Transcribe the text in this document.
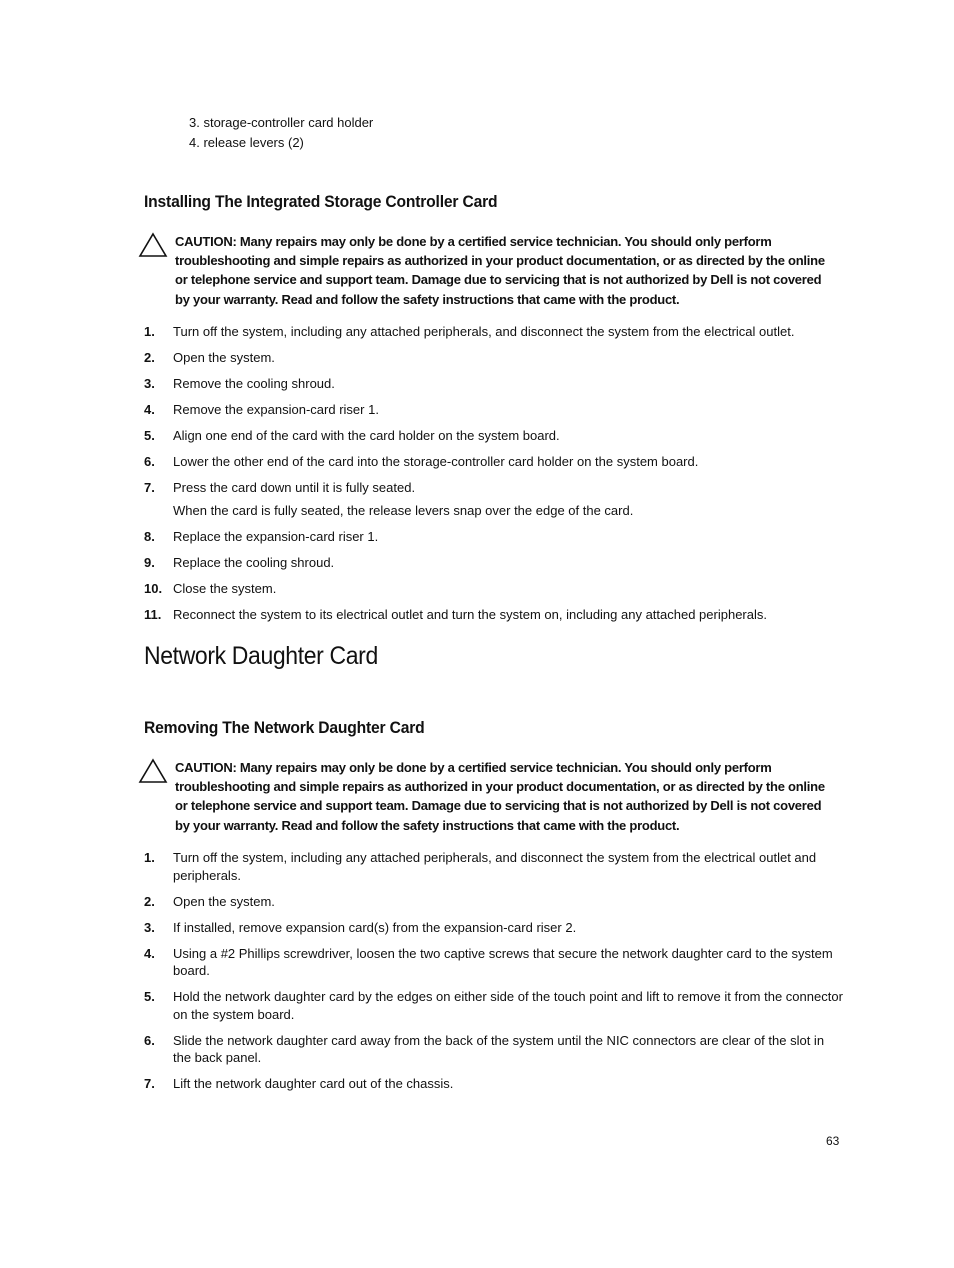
3. storage-controller card holder
4. release levers (2)
Installing The Integrated Storage Controller Card

CAUTION: Many repairs may only be done by a certified service technician. You should only perform troubleshooting and simple repairs as authorized in your product documentation, or as directed by the online or telephone service and support team. Damage due to servicing that is not authorized by Dell is not covered by your warranty. Read and follow the safety instructions that came with the product.

1. Turn off the system, including any attached peripherals, and disconnect the system from the electrical outlet.
2. Open the system.
3. Remove the cooling shroud.
4. Remove the expansion-card riser 1.
5. Align one end of the card with the card holder on the system board.
6. Lower the other end of the card into the storage-controller card holder on the system board.
7. Press the card down until it is fully seated.
When the card is fully seated, the release levers snap over the edge of the card.
8. Replace the expansion-card riser 1.
9. Replace the cooling shroud.
10. Close the system.
11. Reconnect the system to its electrical outlet and turn the system on, including any attached peripherals.
Network Daughter Card
Removing The Network Daughter Card

CAUTION: Many repairs may only be done by a certified service technician. You should only perform troubleshooting and simple repairs as authorized in your product documentation, or as directed by the online or telephone service and support team. Damage due to servicing that is not authorized by Dell is not covered by your warranty. Read and follow the safety instructions that came with the product.

1. Turn off the system, including any attached peripherals, and disconnect the system from the electrical outlet and peripherals.
2. Open the system.
3. If installed, remove expansion card(s) from the expansion-card riser 2.
4. Using a #2 Phillips screwdriver, loosen the two captive screws that secure the network daughter card to the system board.
5. Hold the network daughter card by the edges on either side of the touch point and lift to remove it from the connector on the system board.
6. Slide the network daughter card away from the back of the system until the NIC connectors are clear of the slot in the back panel.
7. Lift the network daughter card out of the chassis.
63
